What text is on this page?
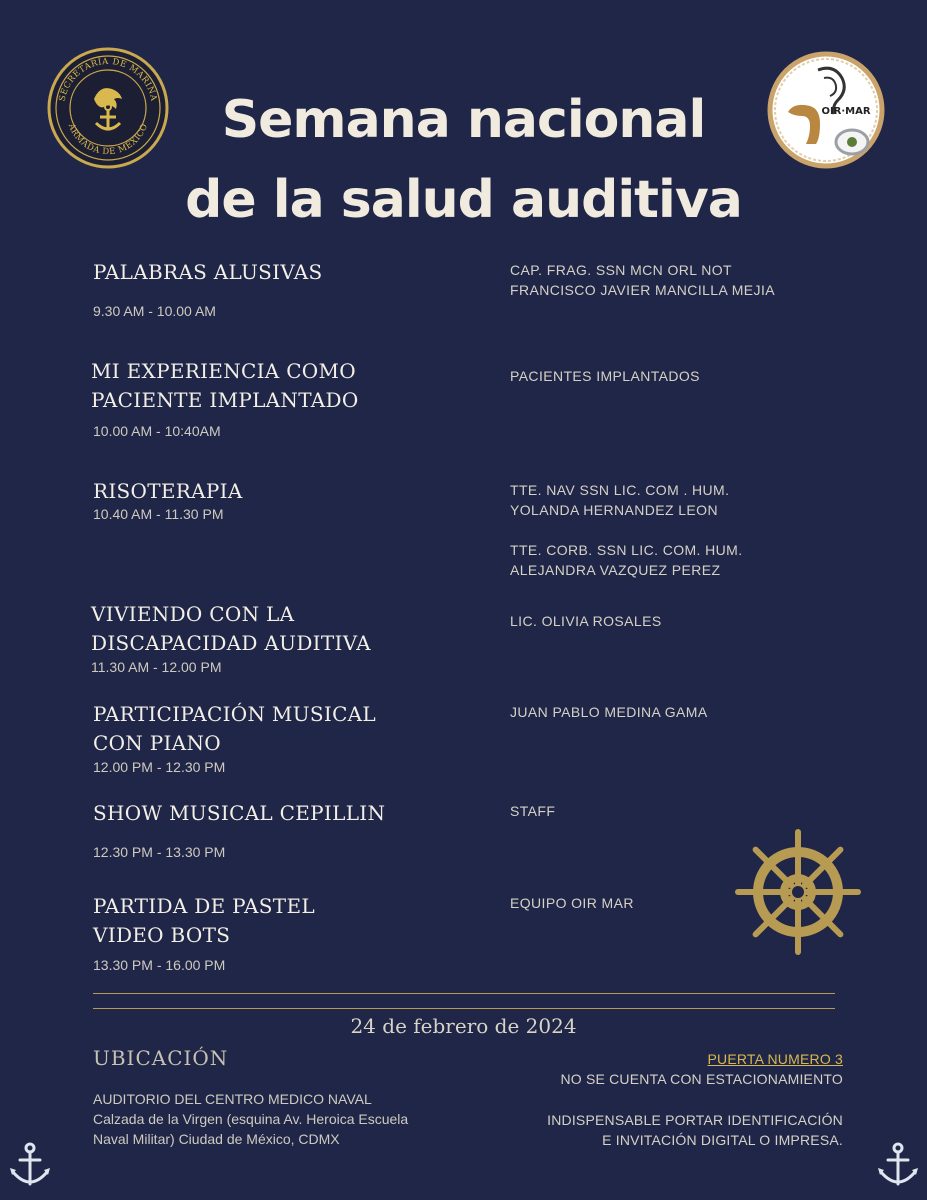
SECRETARÍA DE MARINA
ARMADA DE MÉXICO
OIR·MAR
Semana nacional
de la salud auditiva
PALABRAS ALUSIVAS
9.30 AM - 10.00 AM
CAP. FRAG. SSN MCN ORL NOT
FRANCISCO JAVIER MANCILLA MEJIA
MI EXPERIENCIA COMO
PACIENTE IMPLANTADO
10.00 AM - 10:40AM
PACIENTES IMPLANTADOS
RISOTERAPIA
10.40 AM - 11.30 PM
TTE. NAV SSN LIC. COM . HUM.
YOLANDA HERNANDEZ LEON
TTE. CORB. SSN LIC. COM. HUM.
ALEJANDRA VAZQUEZ PEREZ
VIVIENDO CON LA
DISCAPACIDAD AUDITIVA
11.30 AM - 12.00 PM
LIC. OLIVIA ROSALES
PARTICIPACIÓN MUSICAL
CON PIANO
12.00 PM - 12.30 PM
JUAN PABLO MEDINA GAMA
SHOW MUSICAL CEPILLIN
12.30 PM - 13.30 PM
STAFF
PARTIDA DE PASTEL
VIDEO BOTS
13.30 PM - 16.00 PM
EQUIPO OIR MAR
24 de febrero de 2024
UBICACIÓN
AUDITORIO DEL CENTRO MEDICO NAVAL
Calzada de la Virgen (esquina Av. Heroica Escuela
Naval Militar) Ciudad de México, CDMX
PUERTA NUMERO 3
NO SE CUENTA CON ESTACIONAMIENTO
INDISPENSABLE PORTAR IDENTIFICACIÓN
E INVITACIÓN DIGITAL O IMPRESA.
